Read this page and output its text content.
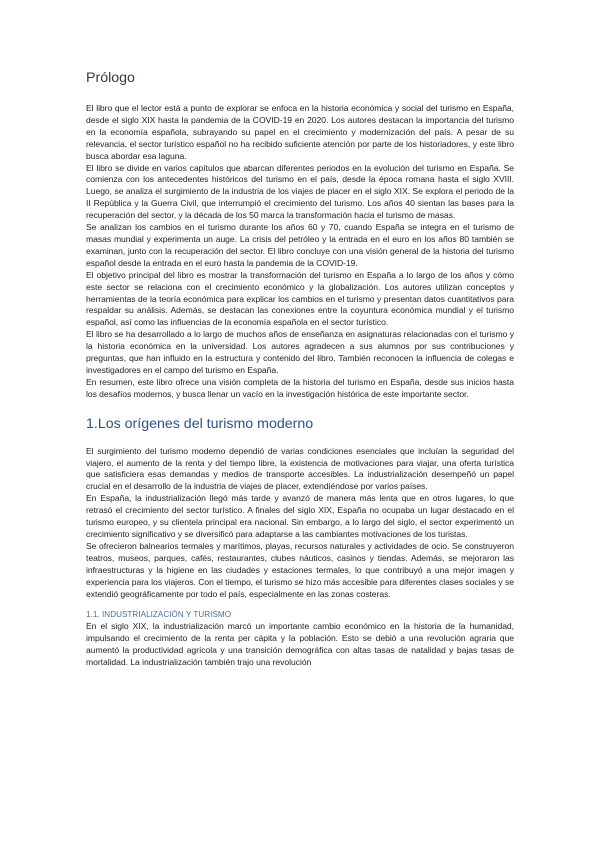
Prólogo

El libro que el lector está a punto de explorar se enfoca en la historia económica y social del turismo en España, desde el siglo XIX hasta la pandemia de la COVID-19 en 2020. Los autores destacan la importancia del turismo en la economía española, subrayando su papel en el crecimiento y modernización del país. A pesar de su relevancia, el sector turístico español no ha recibido suficiente atención por parte de los historiadores, y este libro busca abordar esa laguna.

El libro se divide en varios capítulos que abarcan diferentes periodos en la evolución del turismo en España. Se comienza con los antecedentes históricos del turismo en el país, desde la época romana hasta el siglo XVIII. Luego, se analiza el surgimiento de la industria de los viajes de placer en el siglo XIX. Se explora el periodo de la II República y la Guerra Civil, que interrumpió el crecimiento del turismo. Los años 40 sientan las bases para la recuperación del sector, y la década de los 50 marca la transformación hacia el turismo de masas.

Se analizan los cambios en el turismo durante los años 60 y 70, cuando España se integra en el turismo de masas mundial y experimenta un auge. La crisis del petróleo y la entrada en el euro en los años 80 también se examinan, junto con la recuperación del sector. El libro concluye con una visión general de la historia del turismo español desde la entrada en el euro hasta la pandemia de la COVID-19.

El objetivo principal del libro es mostrar la transformación del turismo en España a lo largo de los años y cómo este sector se relaciona con el crecimiento económico y la globalización. Los autores utilizan conceptos y herramientas de la teoría económica para explicar los cambios en el turismo y presentan datos cuantitativos para respaldar su análisis. Además, se destacan las conexiones entre la coyuntura económica mundial y el turismo español, así como las influencias de la economía española en el sector turístico.

El libro se ha desarrollado a lo largo de muchos años de enseñanza en asignaturas relacionadas con el turismo y la historia económica en la universidad. Los autores agradecen a sus alumnos por sus contribuciones y preguntas, que han influido en la estructura y contenido del libro. También reconocen la influencia de colegas e investigadores en el campo del turismo en España.

En resumen, este libro ofrece una visión completa de la historia del turismo en España, desde sus inicios hasta los desafíos modernos, y busca llenar un vacío en la investigación histórica de este importante sector.

1.Los orígenes del turismo moderno

El surgimiento del turismo moderno dependió de varias condiciones esenciales que incluían la seguridad del viajero, el aumento de la renta y del tiempo libre, la existencia de motivaciones para viajar, una oferta turística que satisficiera esas demandas y medios de transporte accesibles. La industrialización desempeñó un papel crucial en el desarrollo de la industria de viajes de placer, extendiéndose por varios países.

En España, la industrialización llegó más tarde y avanzó de manera más lenta que en otros lugares, lo que retrasó el crecimiento del sector turístico. A finales del siglo XIX, España no ocupaba un lugar destacado en el turismo europeo, y su clientela principal era nacional. Sin embargo, a lo largo del siglo, el sector experimentó un crecimiento significativo y se diversificó para adaptarse a las cambiantes motivaciones de los turistas.

Se ofrecieron balnearios termales y marítimos, playas, recursos naturales y actividades de ocio. Se construyeron teatros, museos, parques, cafés, restaurantes, clubes náuticos, casinos y tiendas. Además, se mejoraron las infraestructuras y la higiene en las ciudades y estaciones termales, lo que contribuyó a una mejor imagen y experiencia para los viajeros. Con el tiempo, el turismo se hizo más accesible para diferentes clases sociales y se extendió geográficamente por todo el país, especialmente en las zonas costeras.

1.1. INDUSTRIALIZACIÓN Y TURISMO

En el siglo XIX, la industrialización marcó un importante cambio económico en la historia de la humanidad, impulsando el crecimiento de la renta per cápita y la población. Esto se debió a una revolución agraria que aumentó la productividad agrícola y una transición demográfica con altas tasas de natalidad y bajas tasas de mortalidad. La industrialización también trajo una revolución
